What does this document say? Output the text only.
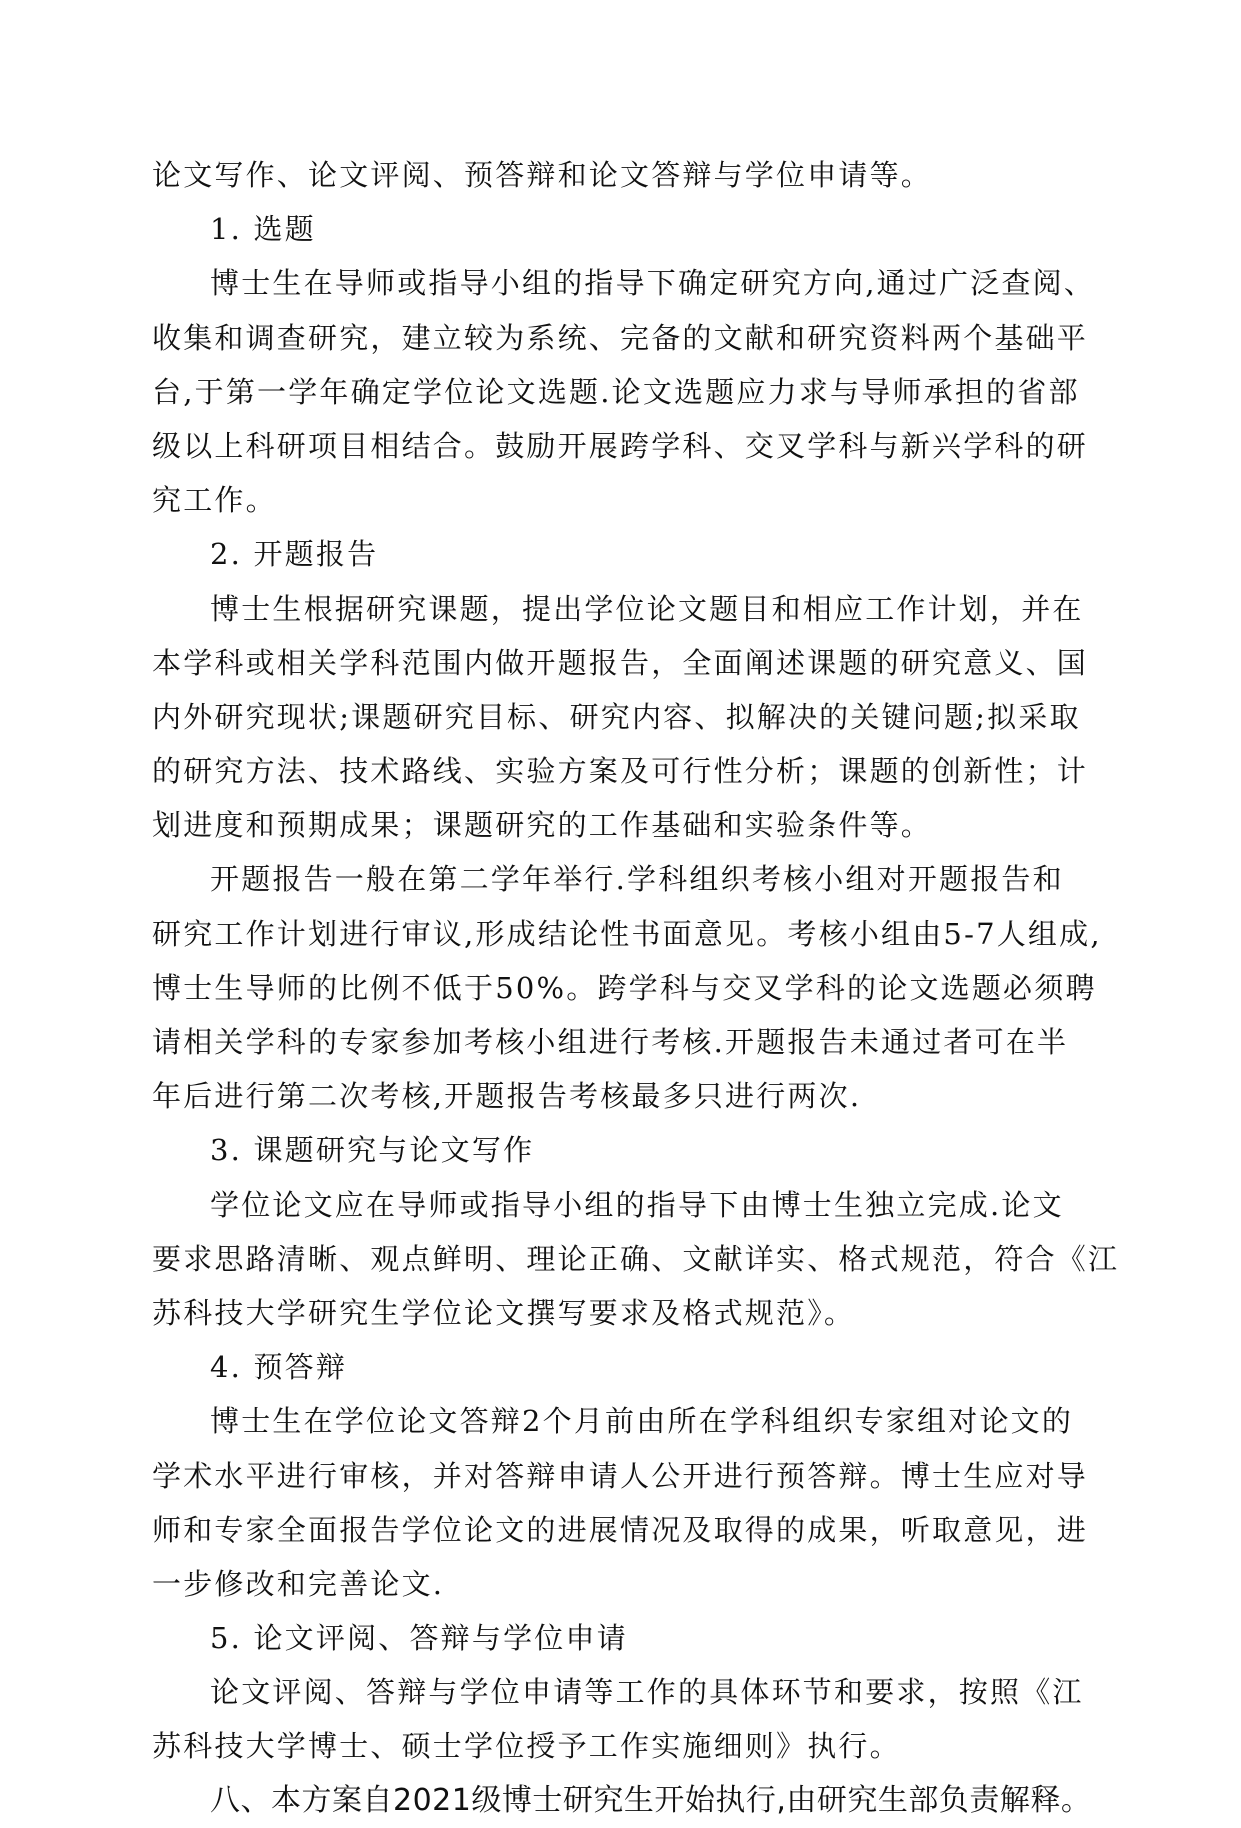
论文写作、论文评阅、预答辩和论文答辩与学位申请等。
1. 选题
博士生在导师或指导小组的指导下确定研究方向,通过广泛查阅、
收集和调查研究，建立较为系统、完备的文献和研究资料两个基础平
台,于第一学年确定学位论文选题.论文选题应力求与导师承担的省部
级以上科研项目相结合。鼓励开展跨学科、交叉学科与新兴学科的研
究工作。
2. 开题报告
博士生根据研究课题，提出学位论文题目和相应工作计划，并在
本学科或相关学科范围内做开题报告，全面阐述课题的研究意义、国
内外研究现状;课题研究目标、研究内容、拟解决的关键问题;拟采取
的研究方法、技术路线、实验方案及可行性分析；课题的创新性；计
划进度和预期成果；课题研究的工作基础和实验条件等。
开题报告一般在第二学年举行.学科组织考核小组对开题报告和
研究工作计划进行审议,形成结论性书面意见。考核小组由5-7人组成,
博士生导师的比例不低于50%。跨学科与交叉学科的论文选题必须聘
请相关学科的专家参加考核小组进行考核.开题报告未通过者可在半
年后进行第二次考核,开题报告考核最多只进行两次.
3. 课题研究与论文写作
学位论文应在导师或指导小组的指导下由博士生独立完成.论文
要求思路清晰、观点鲜明、理论正确、文献详实、格式规范，符合《江
苏科技大学研究生学位论文撰写要求及格式规范》。
4. 预答辩
博士生在学位论文答辩2个月前由所在学科组织专家组对论文的
学术水平进行审核，并对答辩申请人公开进行预答辩。博士生应对导
师和专家全面报告学位论文的进展情况及取得的成果，听取意见，进
一步修改和完善论文.
5. 论文评阅、答辩与学位申请
论文评阅、答辩与学位申请等工作的具体环节和要求，按照《江
苏科技大学博士、硕士学位授予工作实施细则》执行。
八、本方案自2021级博士研究生开始执行,由研究生部负责解释。
